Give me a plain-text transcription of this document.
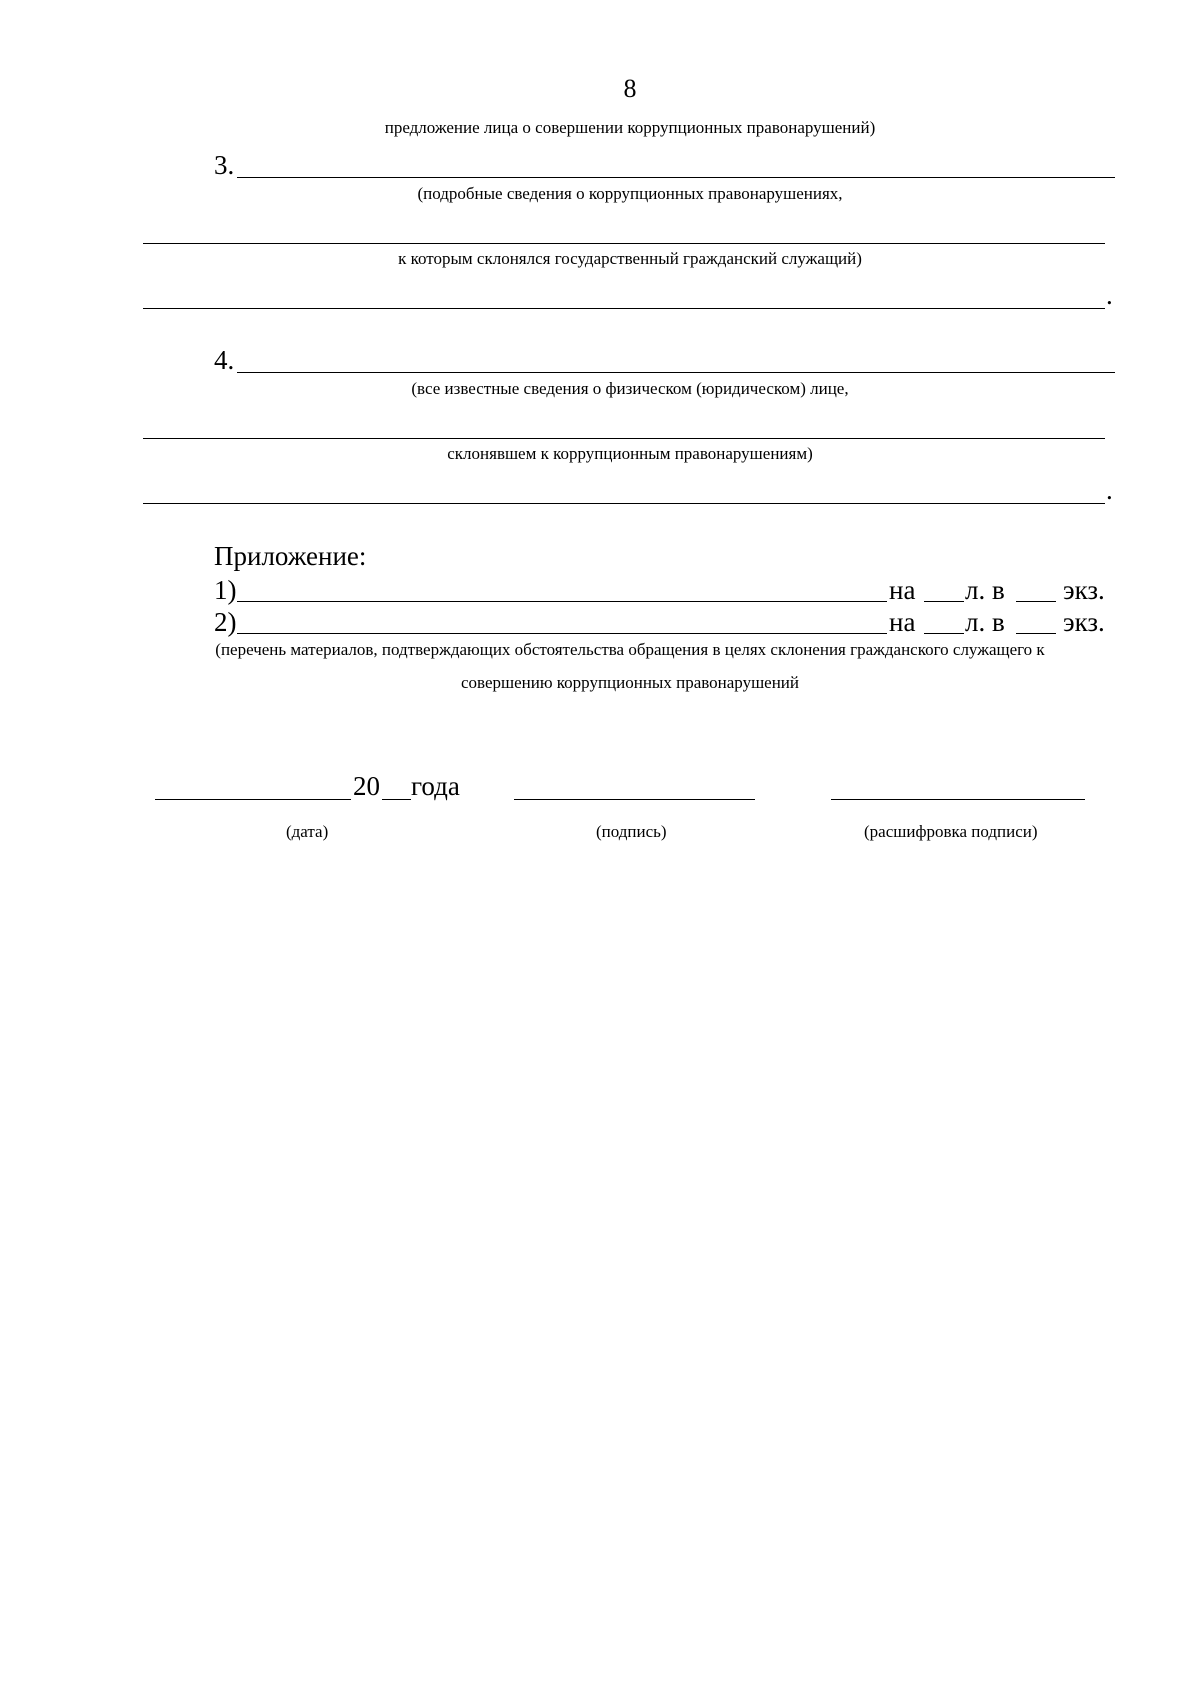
8
предложение лица о совершении коррупционных правонарушений)
3.
(подробные сведения о коррупционных правонарушениях,
к которым склонялся государственный гражданский служащий)
.
4.
(все известные сведения о физическом (юридическом) лице,
склонявшем к коррупционным правонарушениям)
.
Приложение:
1)	на л. в экз.
2)	на л. в экз.
(перечень материалов, подтверждающих обстоятельства обращения в целях склонения гражданского служащего к
совершению коррупционных правонарушений
20 года
(дата)	(подпись)	(расшифровка подписи)
